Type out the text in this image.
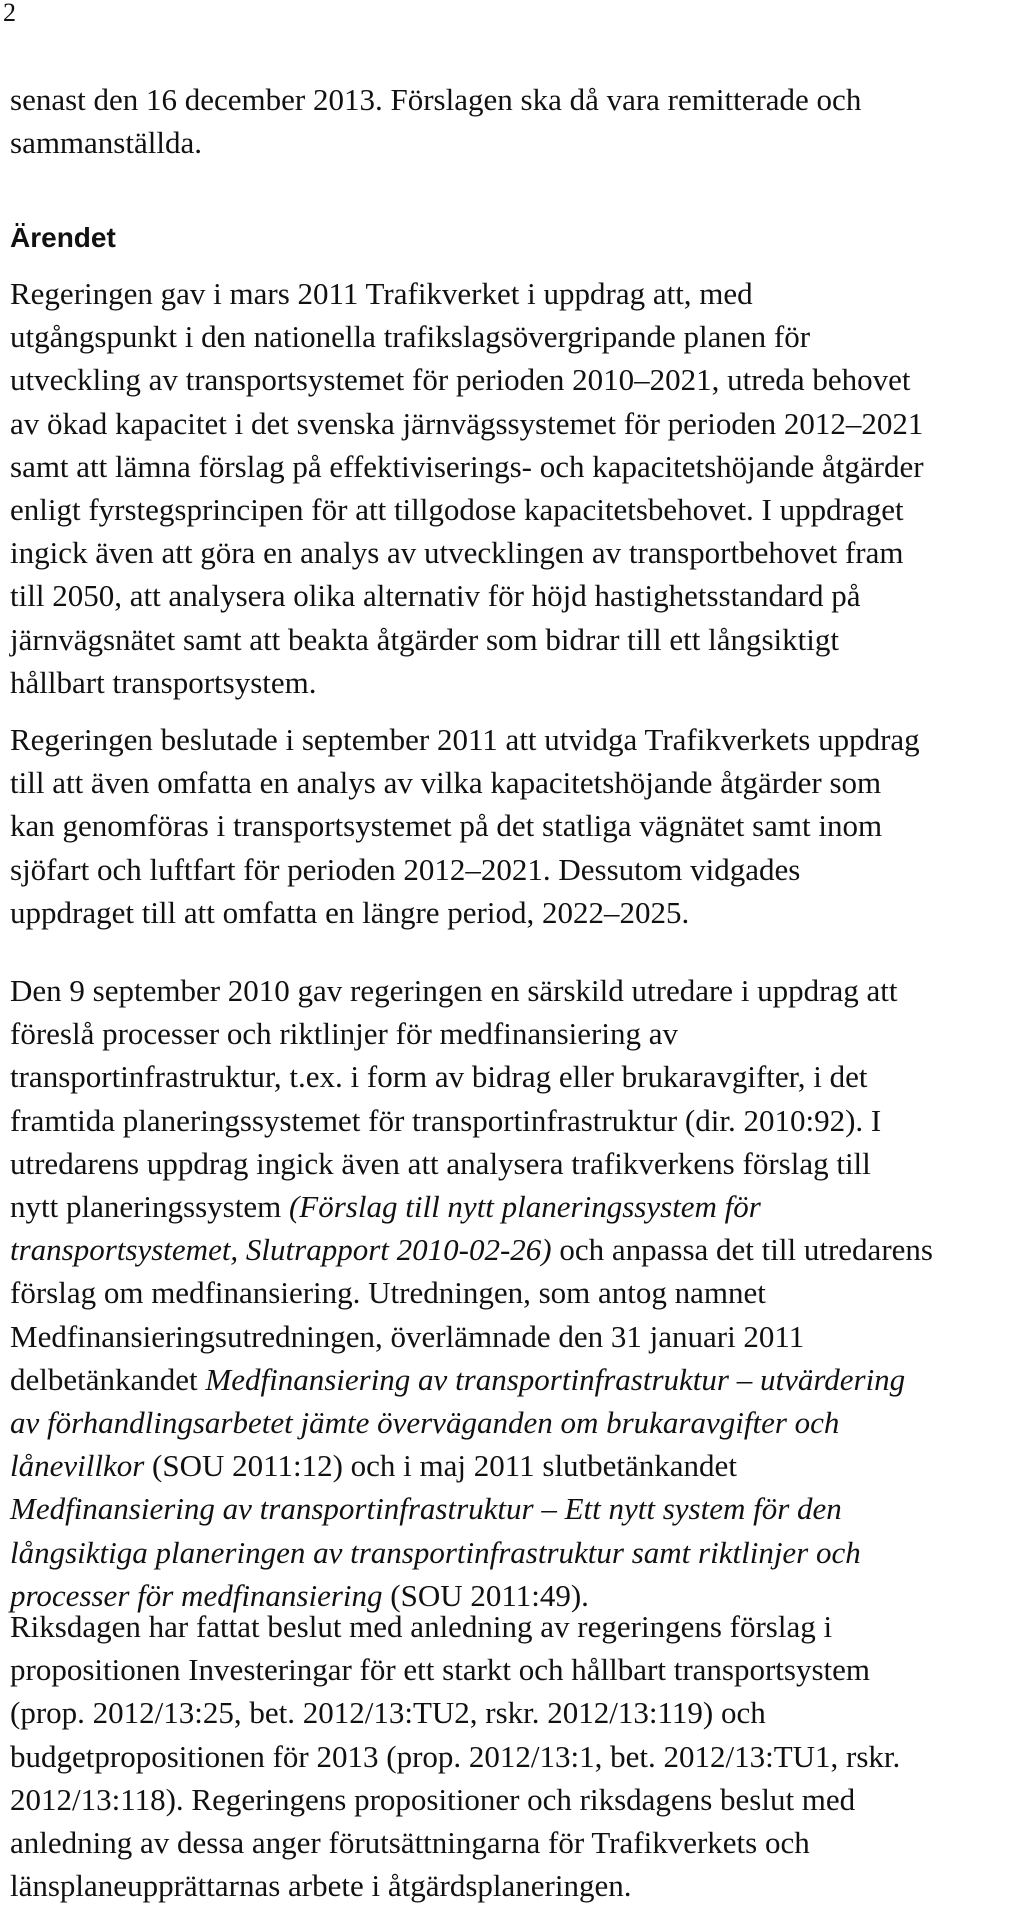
2

senast den 16 december 2013. Förslagen ska då vara remitterade och
sammanställda.

Ärendet

Regeringen gav i mars 2011 Trafikverket i uppdrag att, med
utgångspunkt i den nationella trafikslagsövergripande planen för
utveckling av transportsystemet för perioden 2010–2021, utreda behovet
av ökad kapacitet i det svenska järnvägssystemet för perioden 2012–2021
samt att lämna förslag på effektiviserings- och kapacitetshöjande åtgärder
enligt fyrstegsprincipen för att tillgodose kapacitetsbehovet. I uppdraget
ingick även att göra en analys av utvecklingen av transportbehovet fram
till 2050, att analysera olika alternativ för höjd hastighetsstandard på
järnvägsnätet samt att beakta åtgärder som bidrar till ett långsiktigt
hållbart transportsystem.

Regeringen beslutade i september 2011 att utvidga Trafikverkets uppdrag
till att även omfatta en analys av vilka kapacitetshöjande åtgärder som
kan genomföras i transportsystemet på det statliga vägnätet samt inom
sjöfart och luftfart för perioden 2012–2021. Dessutom vidgades
uppdraget till att omfatta en längre period, 2022–2025.

Den 9 september 2010 gav regeringen en särskild utredare i uppdrag att
föreslå processer och riktlinjer för medfinansiering av
transportinfrastruktur, t.ex. i form av bidrag eller brukaravgifter, i det
framtida planeringssystemet för transportinfrastruktur (dir. 2010:92). I
utredarens uppdrag ingick även att analysera trafikverkens förslag till
nytt planeringssystem (Förslag till nytt planeringssystem för
transportsystemet, Slutrapport 2010-02-26) och anpassa det till utredarens
förslag om medfinansiering. Utredningen, som antog namnet
Medfinansieringsutredningen, överlämnade den 31 januari 2011
delbetänkandet Medfinansiering av transportinfrastruktur – utvärdering
av förhandlingsarbetet jämte överväganden om brukaravgifter och
lånevillkor (SOU 2011:12) och i maj 2011 slutbetänkandet
Medfinansiering av transportinfrastruktur – Ett nytt system för den
långsiktiga planeringen av transportinfrastruktur samt riktlinjer och
processer för medfinansiering (SOU 2011:49).

Riksdagen har fattat beslut med anledning av regeringens förslag i
propositionen Investeringar för ett starkt och hållbart transportsystem
(prop. 2012/13:25, bet. 2012/13:TU2, rskr. 2012/13:119) och
budgetpropositionen för 2013 (prop. 2012/13:1, bet. 2012/13:TU1, rskr.
2012/13:118). Regeringens propositioner och riksdagens beslut med
anledning av dessa anger förutsättningarna för Trafikverkets och
länsplaneupprättarnas arbete i åtgärdsplaneringen.
